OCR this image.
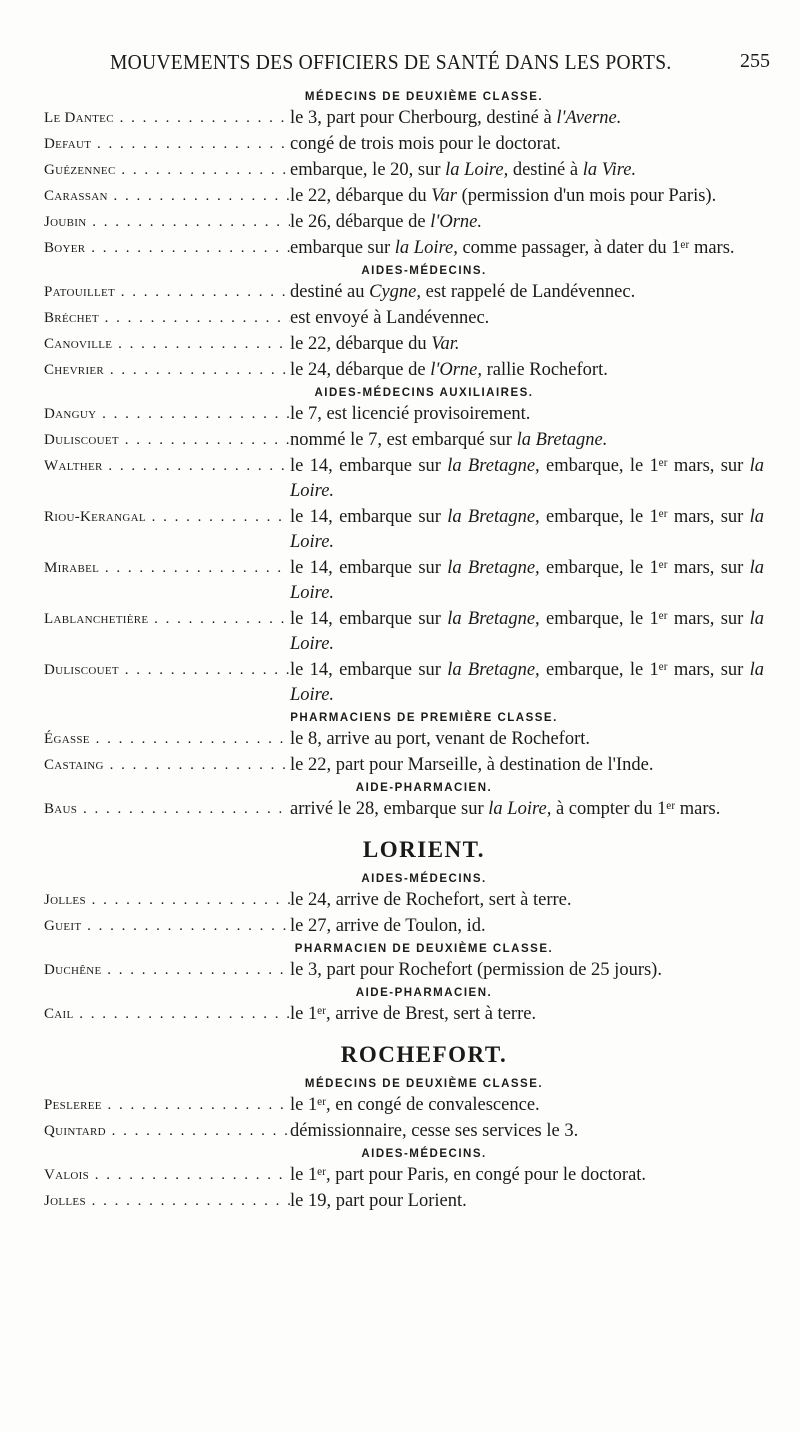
MOUVEMENTS DES OFFICIERS DE SANTÉ DANS LES PORTS.	255
MÉDECINS DE DEUXIÈME CLASSE.
Le Dantec . . .	le 3, part pour Cherbourg, destiné à l'Averne.
Defaut . . .	congé de trois mois pour le doctorat.
Guézennec . . .	embarque, le 20, sur la Loire, destiné à la Vire.
Carassan . . .	le 22, débarque du Var (permission d'un mois pour Paris).
Joubin . . .	le 26, débarque de l'Orne.
Boyer . . .	embarque sur la Loire, comme passager, à dater du 1ᵉʳ mars.
AIDES-MÉDECINS.
Patouillet . . .	destiné au Cygne, est rappelé de Landévennec.
Bréchet . . .	est envoyé à Landévennec.
Canoville . . .	le 22, débarque du Var.
Chevrier . . .	le 24, débarque de l'Orne, rallie Rochefort.
AIDES-MÉDECINS AUXILIAIRES.
Danguy . . .	le 7, est licencié provisoirement.
Duliscouet . . .	nommé le 7, est embarqué sur la Bretagne.
Walther . . .	le 14, embarque sur la Bretagne, embarque, le 1ᵉʳ mars, sur la Loire.
Riou-Kerangal . . .	le 14, embarque sur la Bretagne, embarque, le 1ᵉʳ mars, sur la Loire.
Mirabel . . .	le 14, embarque sur la Bretagne, embarque, le 1ᵉʳ mars, sur la Loire.
Lablanchetière . . .	le 14, embarque sur la Bretagne, embarque, le 1ᵉʳ mars, sur la Loire.
Duliscouet . . .	le 14, embarque sur la Bretagne, embarque, le 1ᵉʳ mars, sur la Loire.
PHARMACIENS DE PREMIÈRE CLASSE.
Égasse . . .	le 8, arrive au port, venant de Rochefort.
Castaing . . .	le 22, part pour Marseille, à destination de l'Inde.
AIDE-PHARMACIEN.
Baus . . .	arrivé le 28, embarque sur la Loire, à compter du 1ᵉʳ mars.
LORIENT.
AIDES-MÉDECINS.
Jolles . . .	le 24, arrive de Rochefort, sert à terre.
Gueit . . .	le 27, arrive de Toulon, id.
PHARMACIEN DE DEUXIÈME CLASSE.
Duchêne . . .	le 3, part pour Rochefort (permission de 25 jours).
AIDE-PHARMACIEN.
Cail . . .	le 1ᵉʳ, arrive de Brest, sert à terre.
ROCHEFORT.
MÉDECINS DE DEUXIÈME CLASSE.
Pesleree . . .	le 1ᵉʳ, en congé de convalescence.
Quintard . . .	démissionnaire, cesse ses services le 3.
AIDES-MÉDECINS.
Valois . . .	le 1ᵉʳ, part pour Paris, en congé pour le doctorat.
Jolles . . .	le 19, part pour Lorient.
